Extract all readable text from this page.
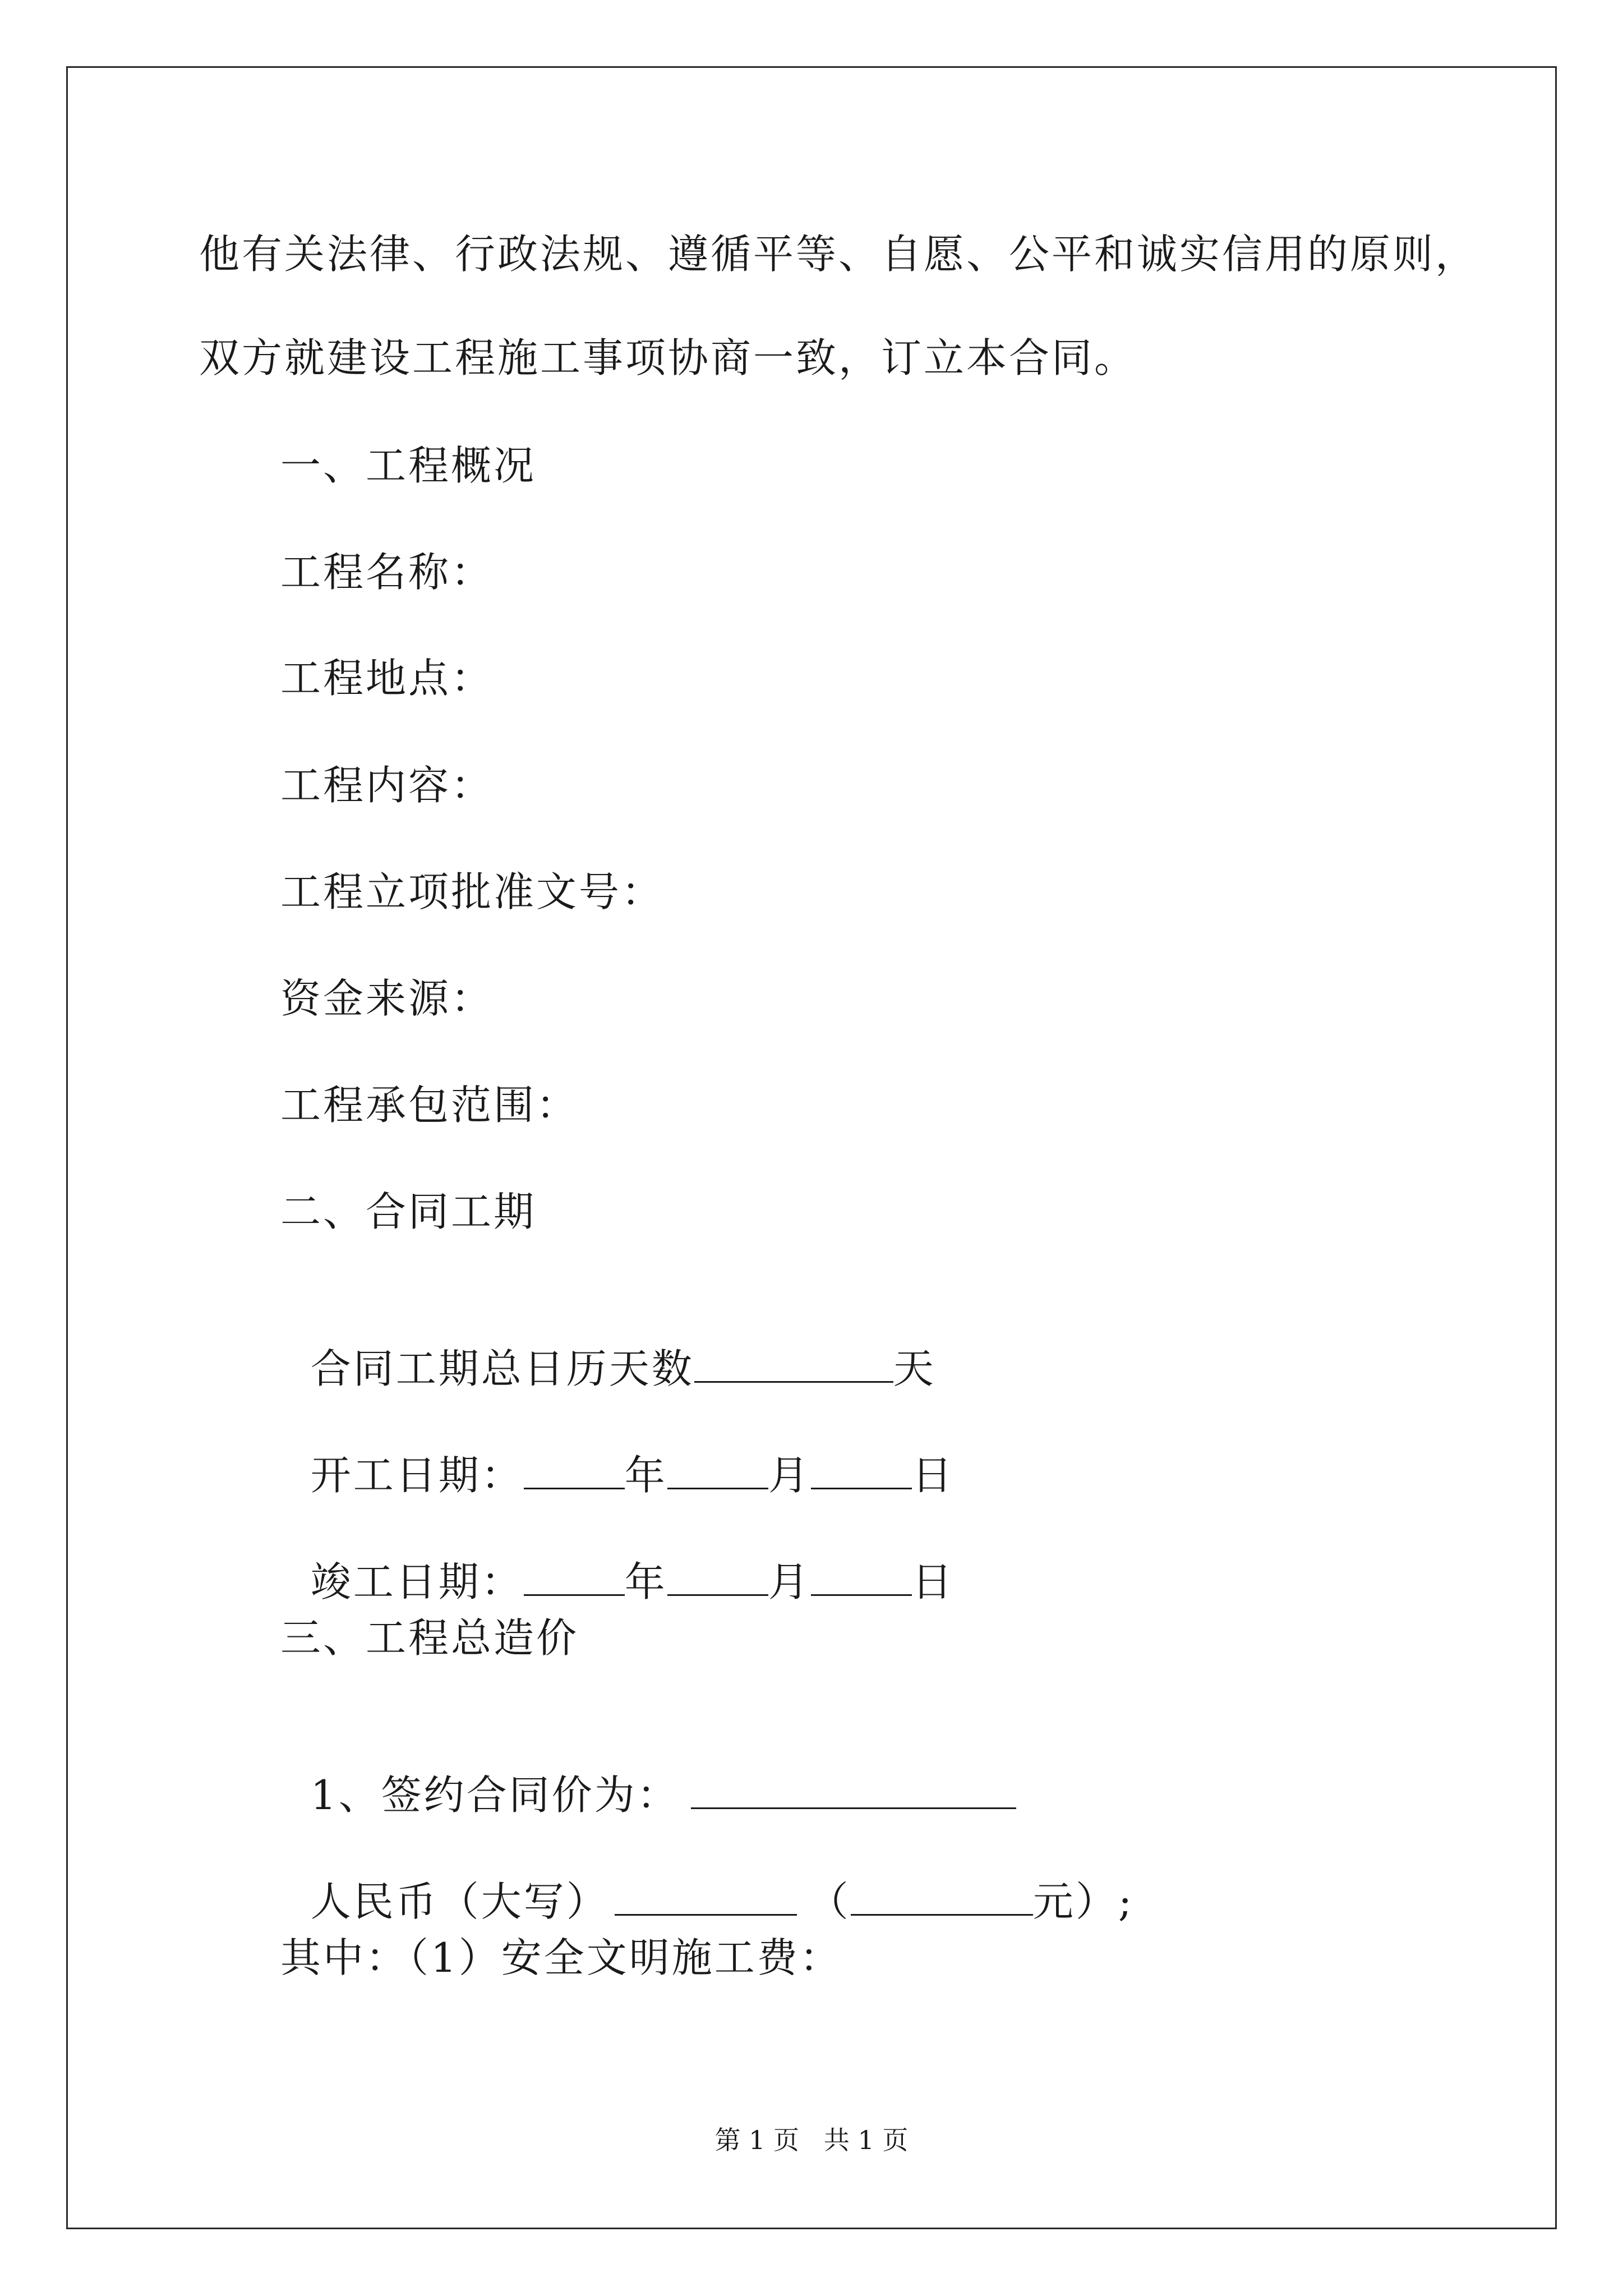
他有关法律、行政法规、遵循平等、自愿、公平和诚实信用的原则，
双方就建设工程施工事项协商一致，订立本合同。
一、工程概况
工程名称：
工程地点：
工程内容：
工程立项批准文号：
资金来源：
工程承包范围：
二、合同工期

合同工期总日历天数	天

开工日期：	年	月	日

竣工日期：	年	月	日

三、工程总造价

1、签约合同价为：

人民币（大写）	（	元）;

其中：（1）安全文明施工费：
第 1 页   共 1 页
